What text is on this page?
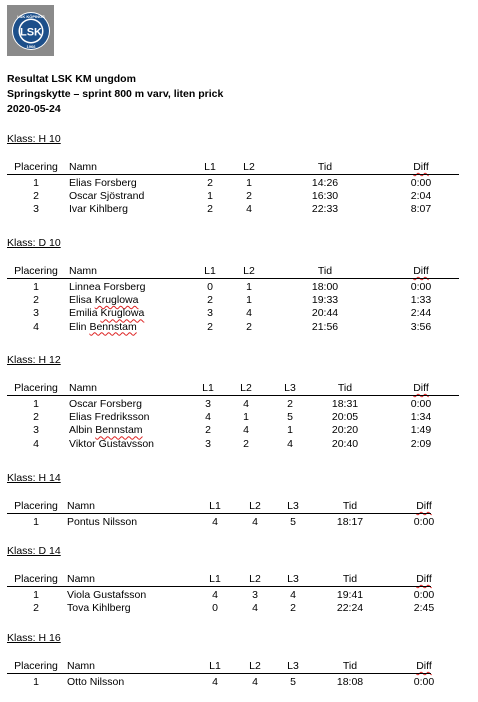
LSK
LSK KÖPINGS
1966
Resultat LSK KM ungdom
Springskytte – sprint 800 m varv, liten prick
2020-05-24
Klass: H 10
Placering	Namn	L1	L2	Tid	Diff
1	Elias Forsberg	2	1	14:26	0:00
2	Oscar Sjöstrand	1	2	16:30	2:04
3	Ivar Kihlberg	2	4	22:33	8:07
Klass: D 10
Placering	Namn	L1	L2	Tid	Diff
1	Linnea Forsberg	0	1	18:00	0:00
2	Elisa Kruglowa	2	1	19:33	1:33
3	Emilia Kruglowa	3	4	20:44	2:44
4	Elin Bennstam	2	2	21:56	3:56
Klass: H 12
Placering	Namn	L1	L2	L3	Tid	Diff
1	Oscar Forsberg	3	4	2	18:31	0:00
2	Elias Fredriksson	4	1	5	20:05	1:34
3	Albin Bennstam	2	4	1	20:20	1:49
4	Viktor Gustavsson	3	2	4	20:40	2:09
Klass: H 14
Placering Namn	L1	L2	L3	Tid	Diff
1	Pontus Nilsson	4	4	5	18:17	0:00
Klass: D 14
Placering Namn	L1	L2	L3	Tid	Diff
1	Viola Gustafsson	4	3	4	19:41	0:00
2	Tova Kihlberg	0	4	2	22:24	2:45
Klass: H 16
Placering Namn	L1	L2	L3	Tid	Diff
1	Otto Nilsson	4	4	5	18:08	0:00
